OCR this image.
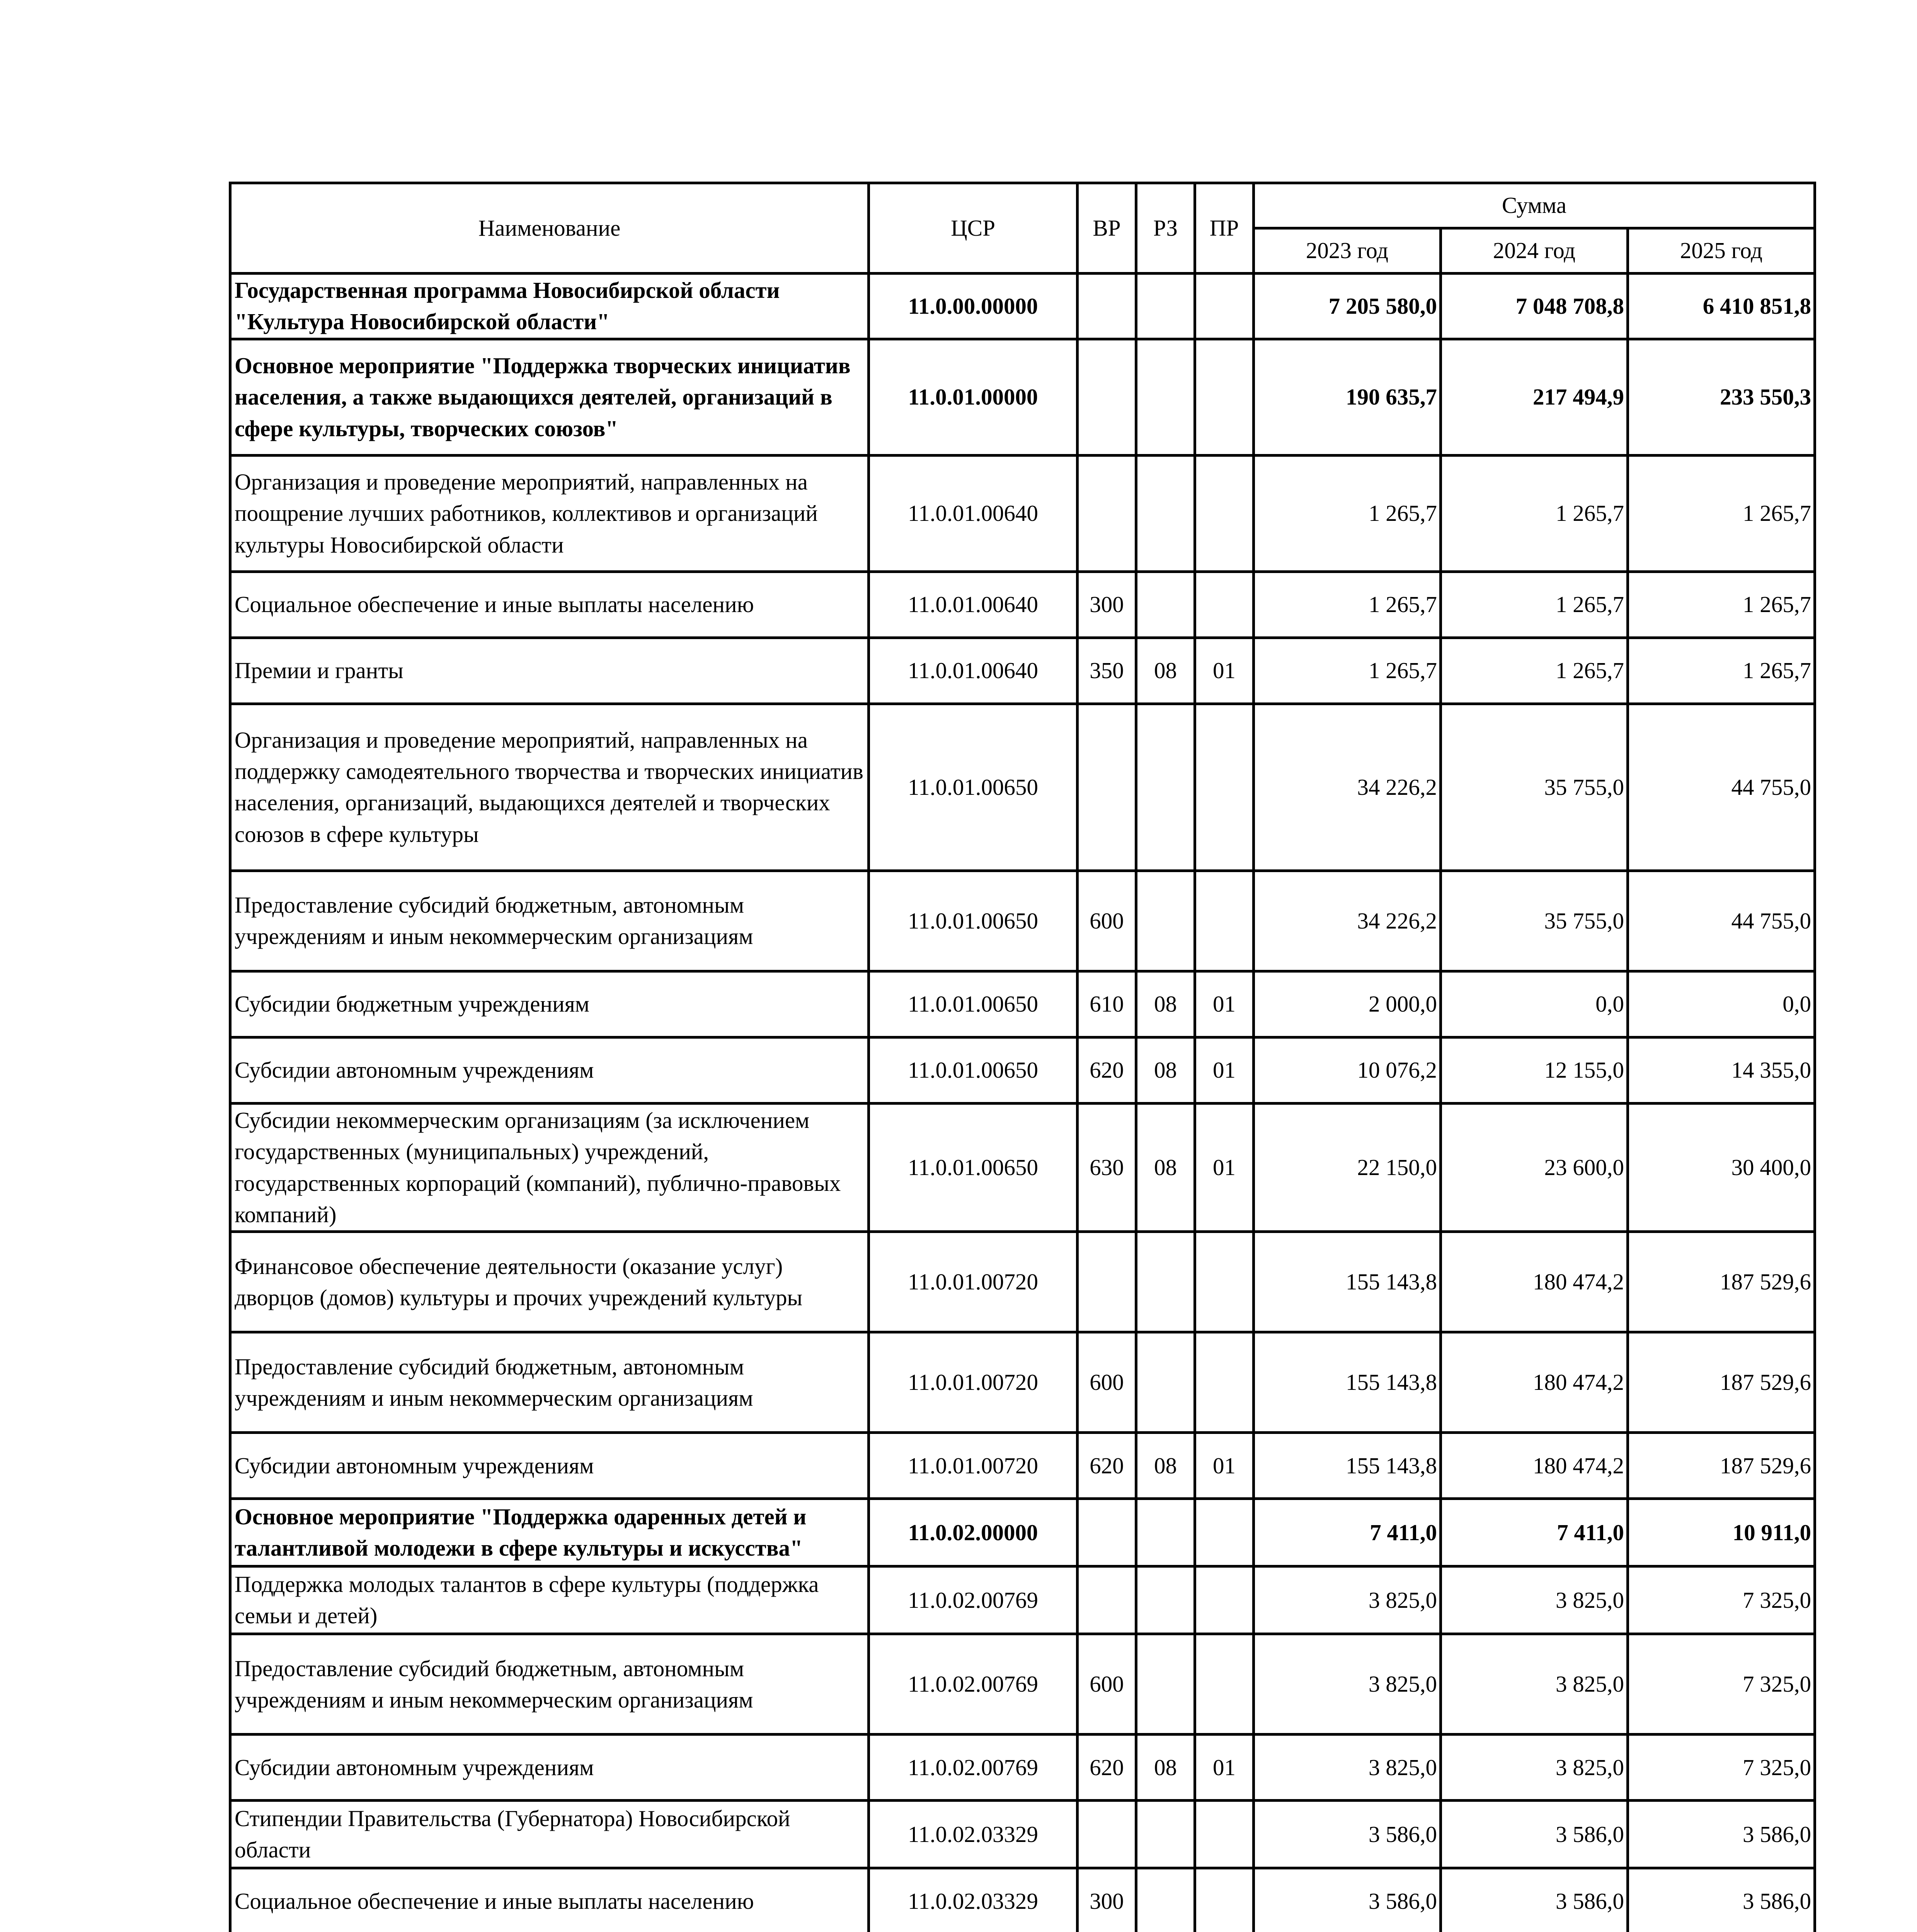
Наименование	ЦСР	ВР	РЗ	ПР	Сумма		
					2023 год	2024 год	2025 год
Государственная программа Новосибирской области "Культура Новосибирской области"	11.0.00.00000				7 205 580,0	7 048 708,8	6 410 851,8
Основное мероприятие "Поддержка творческих инициатив населения, а также выдающихся деятелей, организаций в сфере культуры, творческих союзов"	11.0.01.00000				190 635,7	217 494,9	233 550,3
Организация и проведение мероприятий, направленных на поощрение лучших работников, коллективов и организаций культуры Новосибирской области	11.0.01.00640				1 265,7	1 265,7	1 265,7
Социальное обеспечение и иные выплаты населению	11.0.01.00640	300			1 265,7	1 265,7	1 265,7
Премии и гранты	11.0.01.00640	350	08	01	1 265,7	1 265,7	1 265,7
Организация и проведение мероприятий, направленных на поддержку самодеятельного творчества и творческих инициатив населения, организаций, выдающихся деятелей и творческих союзов в сфере культуры	11.0.01.00650				34 226,2	35 755,0	44 755,0
Предоставление субсидий бюджетным, автономным учреждениям и иным некоммерческим организациям	11.0.01.00650	600			34 226,2	35 755,0	44 755,0
Субсидии бюджетным учреждениям	11.0.01.00650	610	08	01	2 000,0	0,0	0,0
Субсидии автономным учреждениям	11.0.01.00650	620	08	01	10 076,2	12 155,0	14 355,0
Субсидии некоммерческим организациям (за исключением государственных (муниципальных) учреждений, государственных корпораций (компаний), публично-правовых компаний)	11.0.01.00650	630	08	01	22 150,0	23 600,0	30 400,0
Финансовое обеспечение деятельности (оказание услуг) дворцов (домов) культуры и прочих учреждений культуры	11.0.01.00720				155 143,8	180 474,2	187 529,6
Предоставление субсидий бюджетным, автономным учреждениям и иным некоммерческим организациям	11.0.01.00720	600			155 143,8	180 474,2	187 529,6
Субсидии автономным учреждениям	11.0.01.00720	620	08	01	155 143,8	180 474,2	187 529,6
Основное мероприятие "Поддержка одаренных детей и талантливой молодежи в сфере культуры и искусства"	11.0.02.00000				7 411,0	7 411,0	10 911,0
Поддержка молодых талантов в сфере культуры (поддержка семьи и детей)	11.0.02.00769				3 825,0	3 825,0	7 325,0
Предоставление субсидий бюджетным, автономным учреждениям и иным некоммерческим организациям	11.0.02.00769	600			3 825,0	3 825,0	7 325,0
Субсидии автономным учреждениям	11.0.02.00769	620	08	01	3 825,0	3 825,0	7 325,0
Стипендии Правительства (Губернатора) Новосибирской области	11.0.02.03329				3 586,0	3 586,0	3 586,0
Социальное обеспечение и иные выплаты населению	11.0.02.03329	300			3 586,0	3 586,0	3 586,0
